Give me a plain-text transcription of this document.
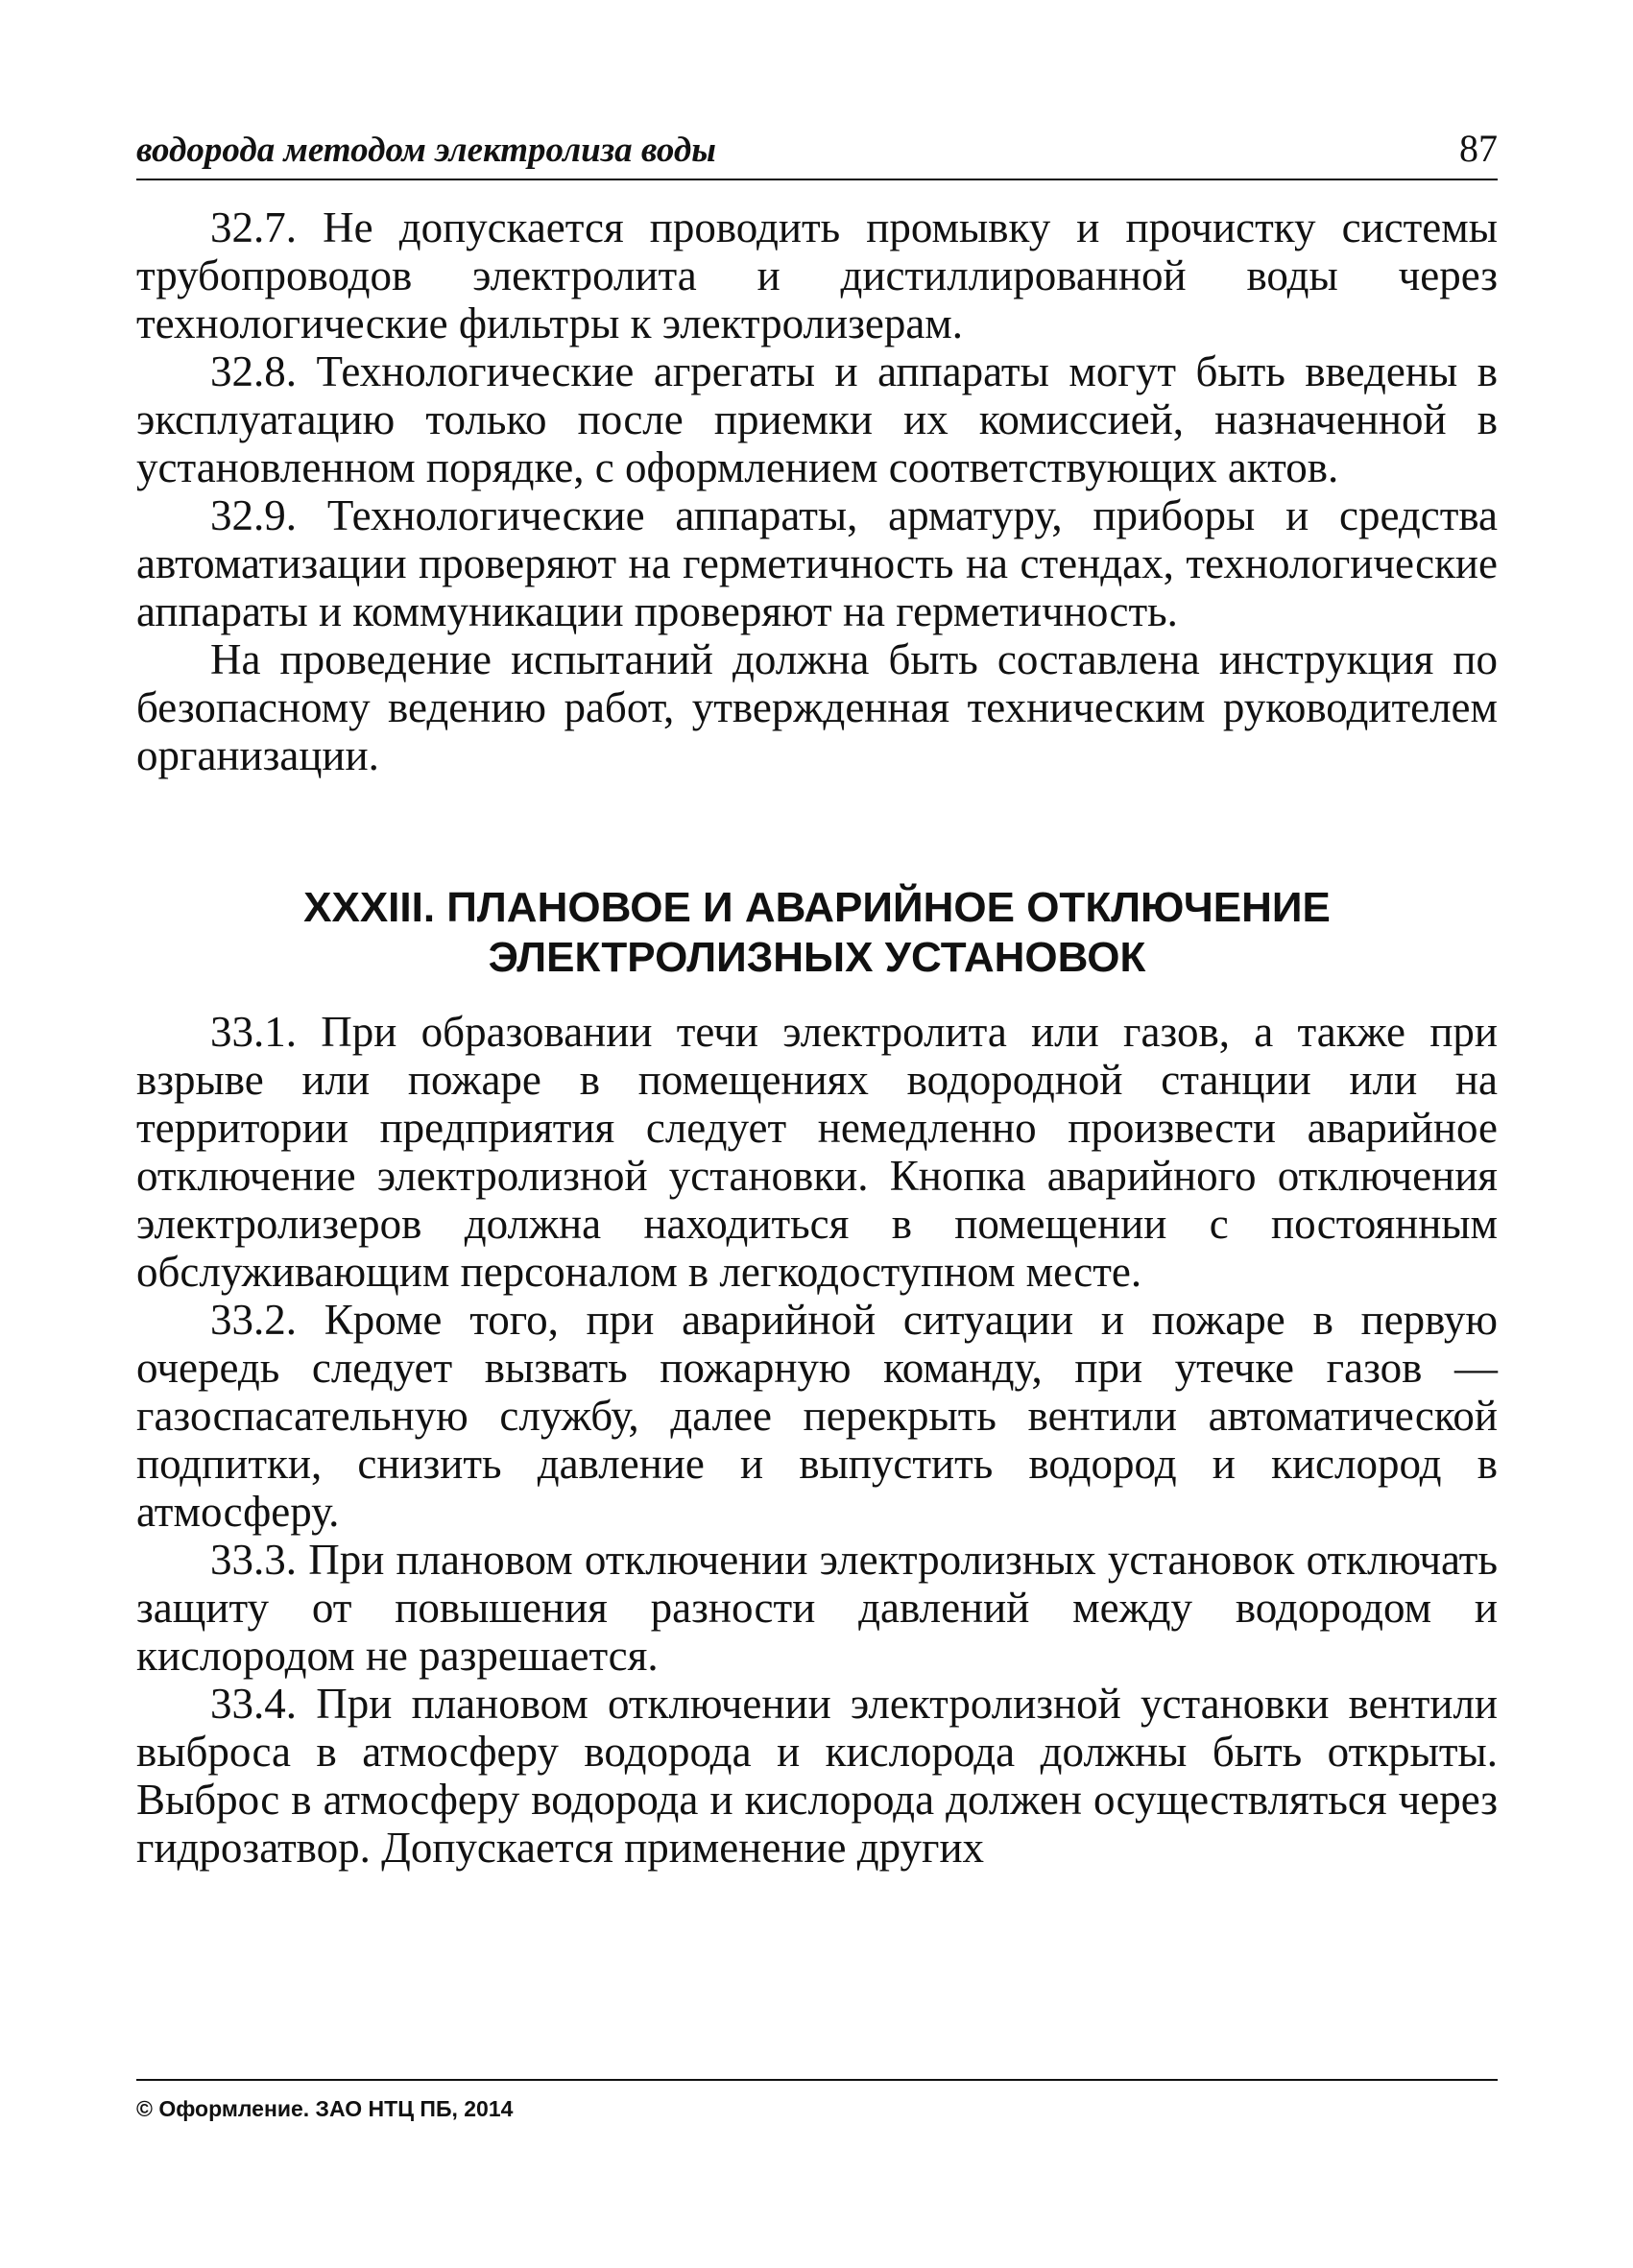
водорода методом электролиза воды	87

32.7. Не допускается проводить промывку и прочистку системы трубопроводов электролита и дистиллированной воды через технологические фильтры к электролизерам.

32.8. Технологические агрегаты и аппараты могут быть введены в эксплуатацию только после приемки их комиссией, назначенной в установленном порядке, с оформлением соответствующих актов.

32.9. Технологические аппараты, арматуру, приборы и средства автоматизации проверяют на герметичность на стендах, технологические аппараты и коммуникации проверяют на герметичность.

На проведение испытаний должна быть составлена инструкция по безопасному ведению работ, утвержденная техническим руководителем организации.

XXXIII. ПЛАНОВОЕ И АВАРИЙНОЕ ОТКЛЮЧЕНИЕ
ЭЛЕКТРОЛИЗНЫХ УСТАНОВОК

33.1. При образовании течи электролита или газов, а также при взрыве или пожаре в помещениях водородной станции или на территории предприятия следует немедленно произвести аварийное отключение электролизной установки. Кнопка аварийного отключения электролизеров должна находиться в помещении с постоянным обслуживающим персоналом в легкодоступном месте.

33.2. Кроме того, при аварийной ситуации и пожаре в первую очередь следует вызвать пожарную команду, при утечке газов — газоспасательную службу, далее перекрыть вентили автоматической подпитки, снизить давление и выпустить водород и кислород в атмосферу.

33.3. При плановом отключении электролизных установок отключать защиту от повышения разности давлений между водородом и кислородом не разрешается.

33.4. При плановом отключении электролизной установки вентили выброса в атмосферу водорода и кислорода должны быть открыты. Выброс в атмосферу водорода и кислорода должен осуществляться через гидрозатвор. Допускается применение других

© Оформление. ЗАО НТЦ ПБ, 2014
